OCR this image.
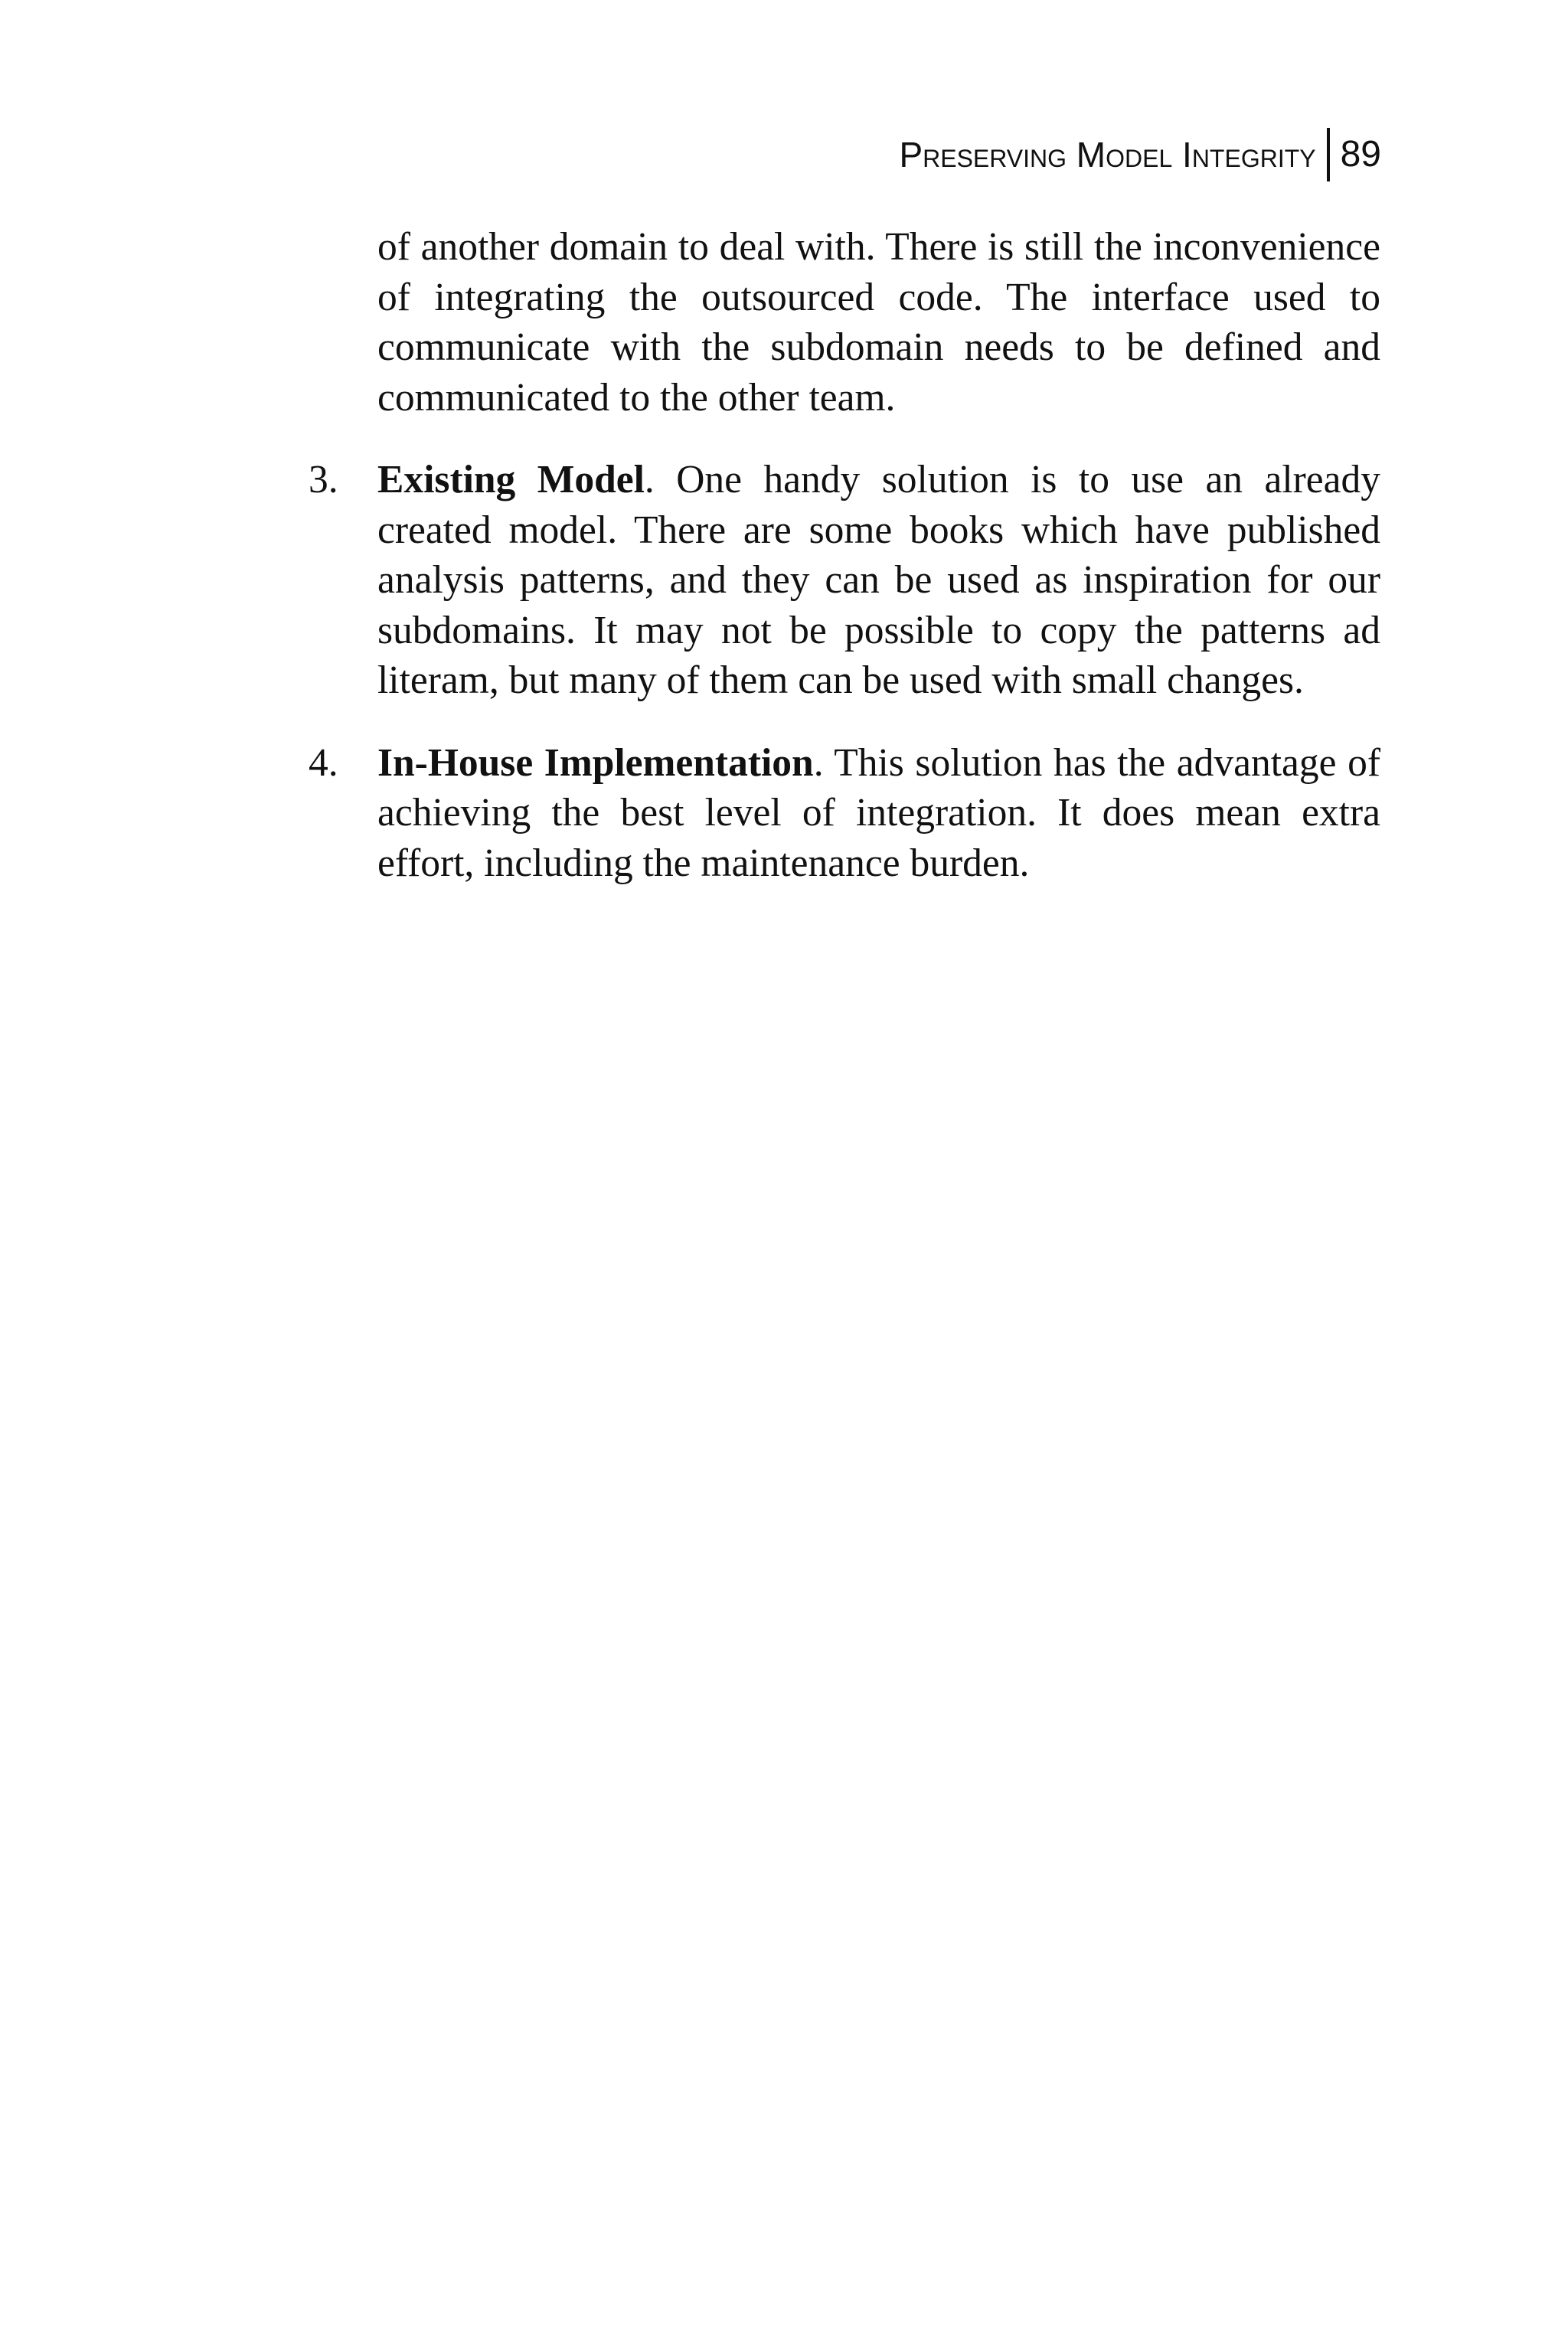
Preserving Model Integrity 89

of another domain to deal with. There is still the inconvenience of integrating the outsourced code. The interface used to communicate with the subdomain needs to be defined and communicated to the other team.

3. Existing Model. One handy solution is to use an already created model. There are some books which have published analysis patterns, and they can be used as inspiration for our subdomains. It may not be possible to copy the patterns ad literam, but many of them can be used with small changes.

4. In-House Implementation. This solution has the advantage of achieving the best level of integration. It does mean extra effort, including the maintenance burden.
